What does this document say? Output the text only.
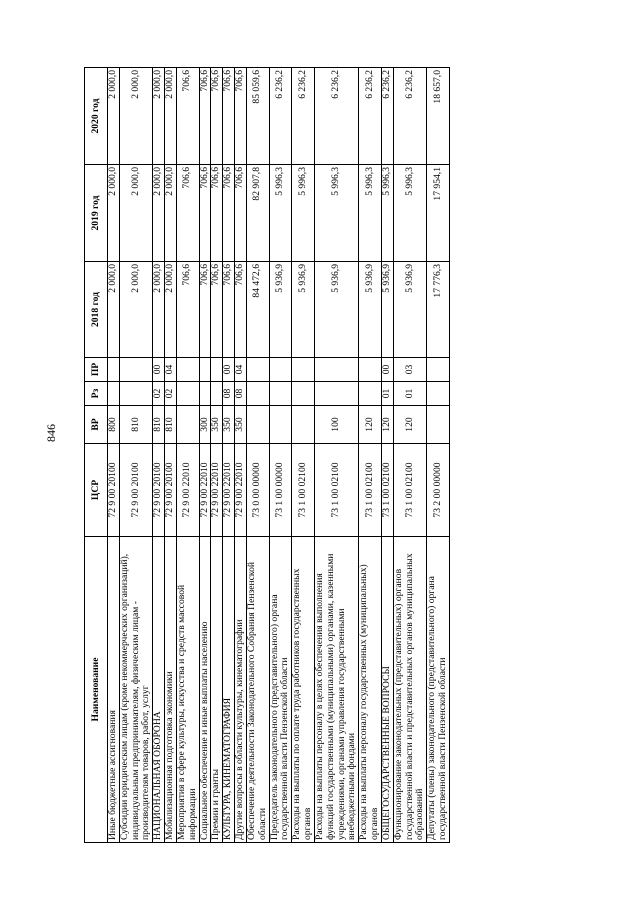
846
Наименование	ЦСР	ВР	Рз	ПР	2018 год	2019 год	2020 год
Иные бюджетные ассигнования	72 9 00 20100	800			2 000,0	2 000,0	2 000,0
Субсидии юридическим лицам (кроме некоммерческих организаций), индивидуальным предпринимателям, физическим лицам - производителям товаров, работ, услуг	72 9 00 20100	810			2 000,0	2 000,0	2 000,0
НАЦИОНАЛЬНАЯ ОБОРОНА	72 9 00 20100	810	02	00	2 000,0	2 000,0	2 000,0
Мобилизационная подготовка экономики	72 9 00 20100	810	02	04	2 000,0	2 000,0	2 000,0
Мероприятия в сфере культуры, искусства и средств массовой информации	72 9 00 22010				706,6	706,6	706,6
Социальное обеспечение и иные выплаты населению	72 9 00 22010	300			706,6	706,6	706,6
Премии и гранты	72 9 00 22010	350			706,6	706,6	706,6
КУЛЬТУРА, КИНЕМАТОГРАФИЯ	72 9 00 22010	350	08	00	706,6	706,6	706,6
Другие вопросы в области культуры, кинематографии	72 9 00 22010	350	08	04	706,6	706,6	706,6
Обеспечение деятельности Законодательного Собрания Пензенской области	73 0 00 00000				84 472,6	82 907,8	85 059,6
Председатель законодательного (представительного) органа государственной власти Пензенской области	73 1 00 00000				5 936,9	5 996,3	6 236,2
Расходы на выплаты по оплате труда работников государственных органов	73 1 00 02100				5 936,9	5 996,3	6 236,2
Расходы на выплаты персоналу в целях обеспечения выполнения функций государственными (муниципальными) органами, казенными учреждениями, органами управления государственными внебюджетными фондами	73 1 00 02100	100			5 936,9	5 996,3	6 236,2
Расходы на выплаты персоналу государственных (муниципальных) органов	73 1 00 02100	120			5 936,9	5 996,3	6 236,2
ОБЩЕГОСУДАРСТВЕННЫЕ ВОПРОСЫ	73 1 00 02100	120	01	00	5 936,9	5 996,3	6 236,2
Функционирование законодательных (представительных) органов государственной власти и представительных органов муниципальных образований	73 1 00 02100	120	01	03	5 936,9	5 996,3	6 236,2
Депутаты (члены) законодательного (представительного) органа государственной власти Пензенской области	73 2 00 00000				17 776,3	17 954,1	18 657,0
